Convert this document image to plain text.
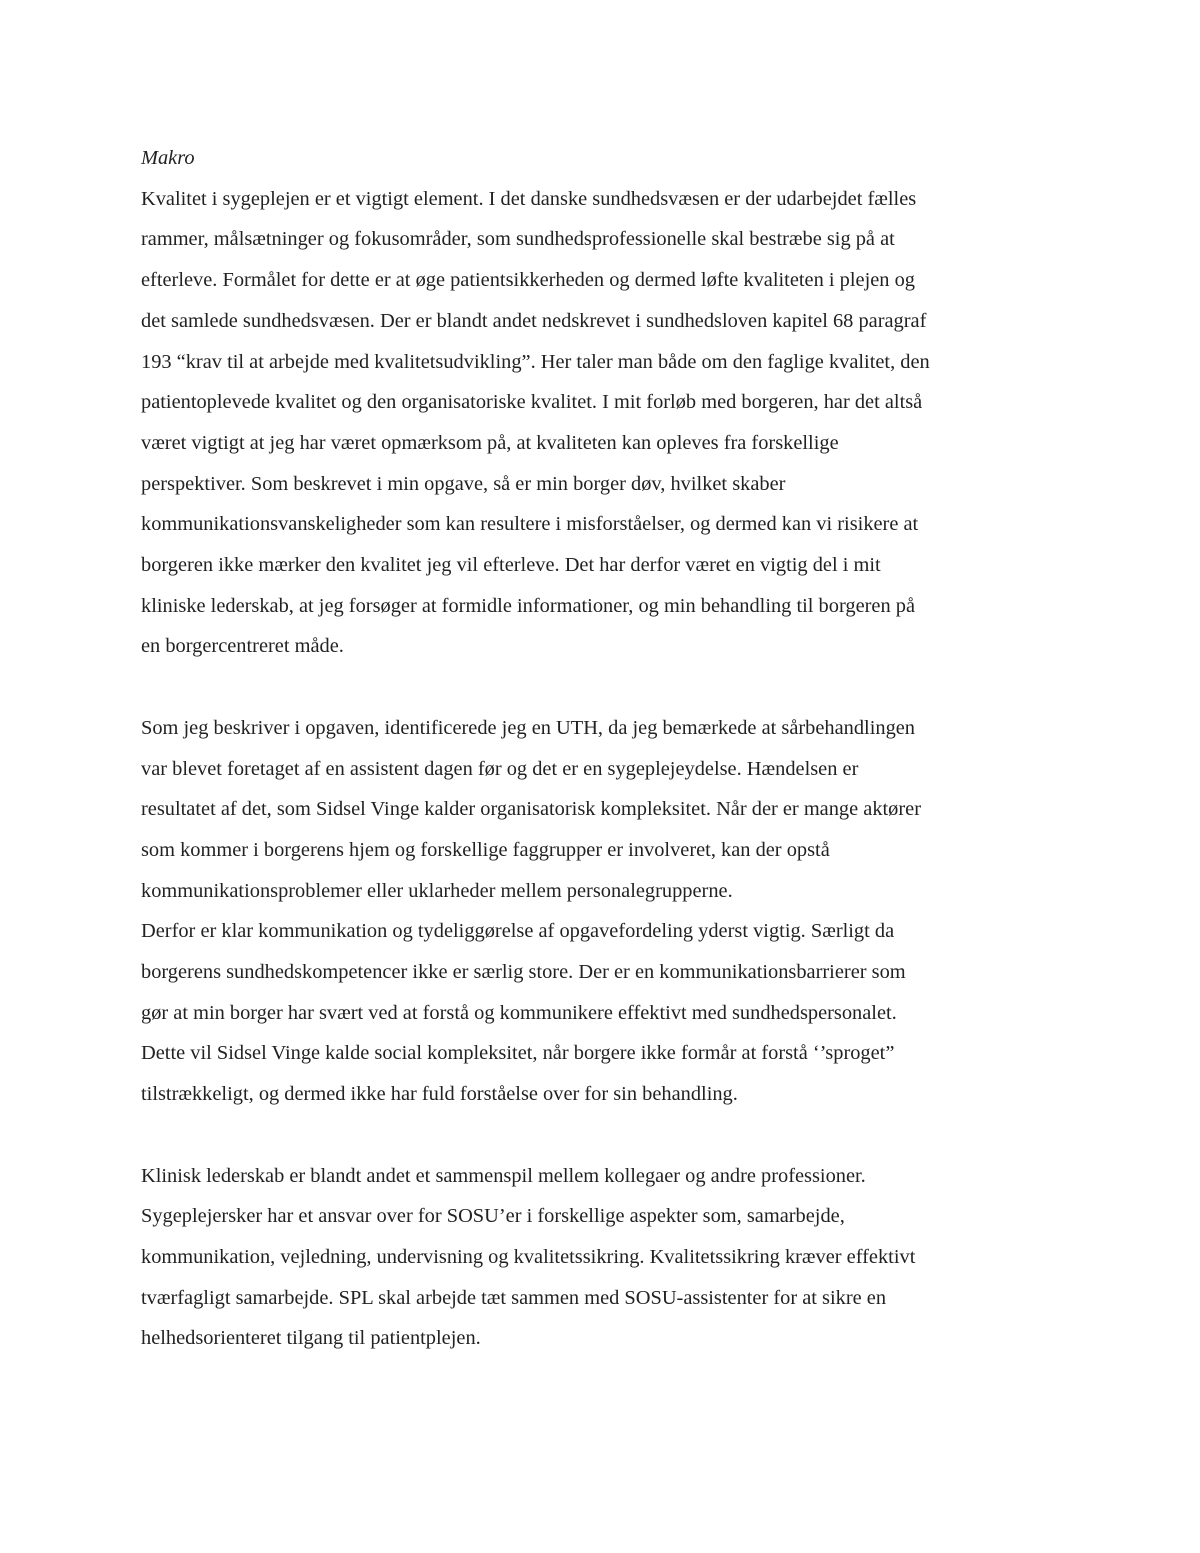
Makro

Kvalitet i sygeplejen er et vigtigt element. I det danske sundhedsvæsen er der udarbejdet fælles
rammer, målsætninger og fokusområder, som sundhedsprofessionelle skal bestræbe sig på at
efterleve. Formålet for dette er at øge patientsikkerheden og dermed løfte kvaliteten i plejen og
det samlede sundhedsvæsen. Der er blandt andet nedskrevet i sundhedsloven kapitel 68 paragraf
193 “krav til at arbejde med kvalitetsudvikling”. Her taler man både om den faglige kvalitet, den
patientoplevede kvalitet og den organisatoriske kvalitet. I mit forløb med borgeren, har det altså
været vigtigt at jeg har været opmærksom på, at kvaliteten kan opleves fra forskellige
perspektiver. Som beskrevet i min opgave, så er min borger døv, hvilket skaber
kommunikationsvanskeligheder som kan resultere i misforståelser, og dermed kan vi risikere at
borgeren ikke mærker den kvalitet jeg vil efterleve. Det har derfor været en vigtig del i mit
kliniske lederskab, at jeg forsøger at formidle informationer, og min behandling til borgeren på
en borgercentreret måde.

Som jeg beskriver i opgaven, identificerede jeg en UTH, da jeg bemærkede at sårbehandlingen
var blevet foretaget af en assistent dagen før og det er en sygeplejeydelse. Hændelsen er
resultatet af det, som Sidsel Vinge kalder organisatorisk kompleksitet. Når der er mange aktører
som kommer i borgerens hjem og forskellige faggrupper er involveret, kan der opstå
kommunikationsproblemer eller uklarheder mellem personalegrupperne.
Derfor er klar kommunikation og tydeliggørelse af opgavefordeling yderst vigtig. Særligt da
borgerens sundhedskompetencer ikke er særlig store. Der er en kommunikationsbarrierer som
gør at min borger har svært ved at forstå og kommunikere effektivt med sundhedspersonalet.
Dette vil Sidsel Vinge kalde social kompleksitet, når borgere ikke formår at forstå ‘’sproget”
tilstrækkeligt, og dermed ikke har fuld forståelse over for sin behandling.

Klinisk lederskab er blandt andet et sammenspil mellem kollegaer og andre professioner.
Sygeplejersker har et ansvar over for SOSU’er i forskellige aspekter som, samarbejde,
kommunikation, vejledning, undervisning og kvalitetssikring. Kvalitetssikring kræver effektivt
tværfagligt samarbejde. SPL skal arbejde tæt sammen med SOSU-assistenter for at sikre en
helhedsorienteret tilgang til patientplejen.
